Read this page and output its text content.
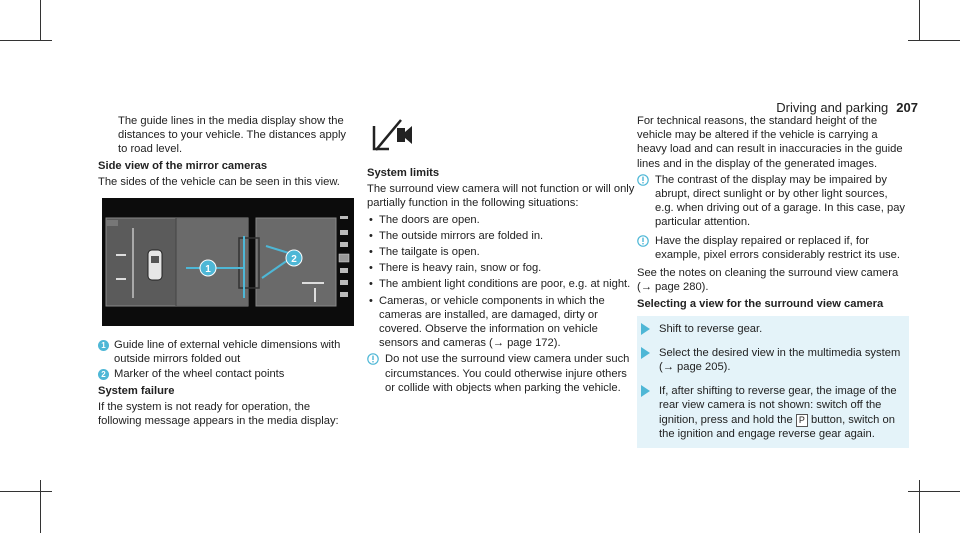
Driving and parking 207

The guide lines in the media display show the distances to your vehicle. The distances apply to road level.

Side view of the mirror cameras

The sides of the vehicle can be seen in this view.

1
2
1 Guide line of external vehicle dimensions with outside mirrors folded out
2 Marker of the wheel contact points

System failure

If the system is not ready for operation, the following message appears in the media display:

System limits

The surround view camera will not function or will only partially function in the following situations:

• The doors are open.
• The outside mirrors are folded in.
• The tailgate is open.
• There is heavy rain, snow or fog.
• The ambient light conditions are poor, e.g. at night.
• Cameras, or vehicle components in which the cameras are installed, are damaged, dirty or covered. Observe the information on vehicle sensors and cameras (→ page 172).
Do not use the surround view camera under such circumstances. You could otherwise injure others or collide with objects when parking the vehicle.

For technical reasons, the standard height of the vehicle may be altered if the vehicle is carrying a heavy load and can result in inaccuracies in the guide lines and in the display of the generated images.

The contrast of the display may be impaired by abrupt, direct sunlight or by other light sources, e.g. when driving out of a garage. In this case, pay particular attention.
Have the display repaired or replaced if, for example, pixel errors considerably restrict its use.

See the notes on cleaning the surround view camera (→ page 280).

Selecting a view for the surround view camera

Shift to reverse gear.
Select the desired view in the multimedia system (→ page 205).
If, after shifting to reverse gear, the image of the rear view camera is not shown: switch off the ignition, press and hold the P button, switch on the ignition and engage reverse gear again.
